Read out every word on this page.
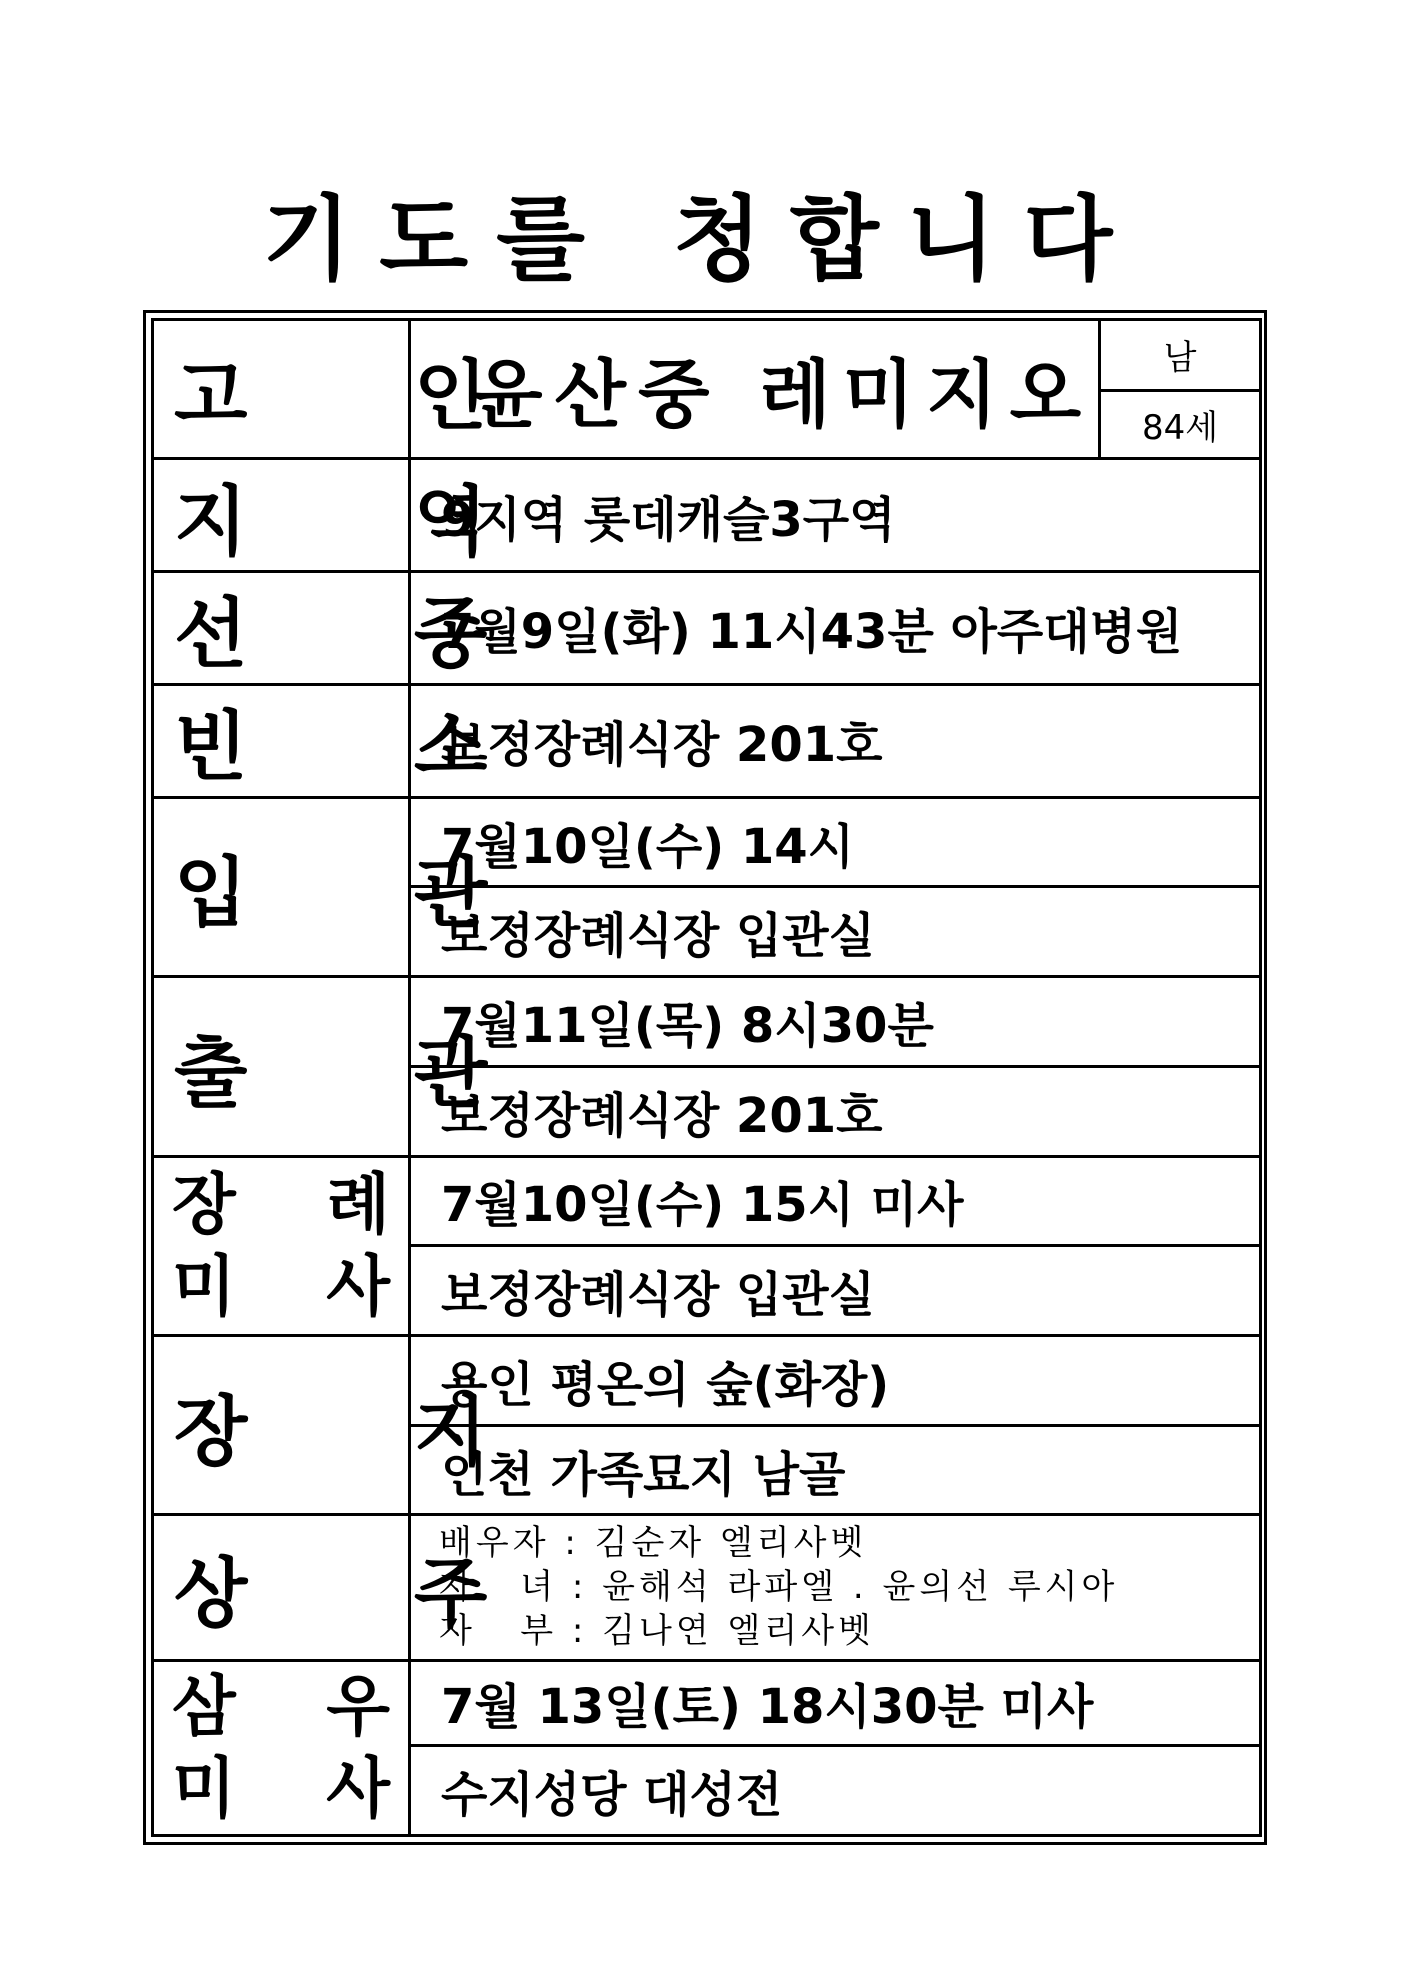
기도를 청합니다
고 인	윤산중 레미지오	남
		84세
지 역	9지역 롯데캐슬3구역	
선 종	7월9일(화) 11시43분 아주대병원	
빈 소	보정장례식장 201호	
입 관	7월10일(수) 14시	
	보정장례식장 입관실	
출 관	7월11일(목) 8시30분	
	보정장례식장 201호	

장 례
미 사	7월10일(수) 15시 미사	
	보정장례식장 입관실	
장 지	용인 평온의 숲(화장)	
	인천 가족묘지 남골	
상 주	배우자 : 김순자 엘리사벳
자   녀 : 윤해석 라파엘 . 윤의선 루시아
자   부 : 김나연 엘리사벳	

삼 우
미 사	7월 13일(토) 18시30분 미사	
	수지성당 대성전	
